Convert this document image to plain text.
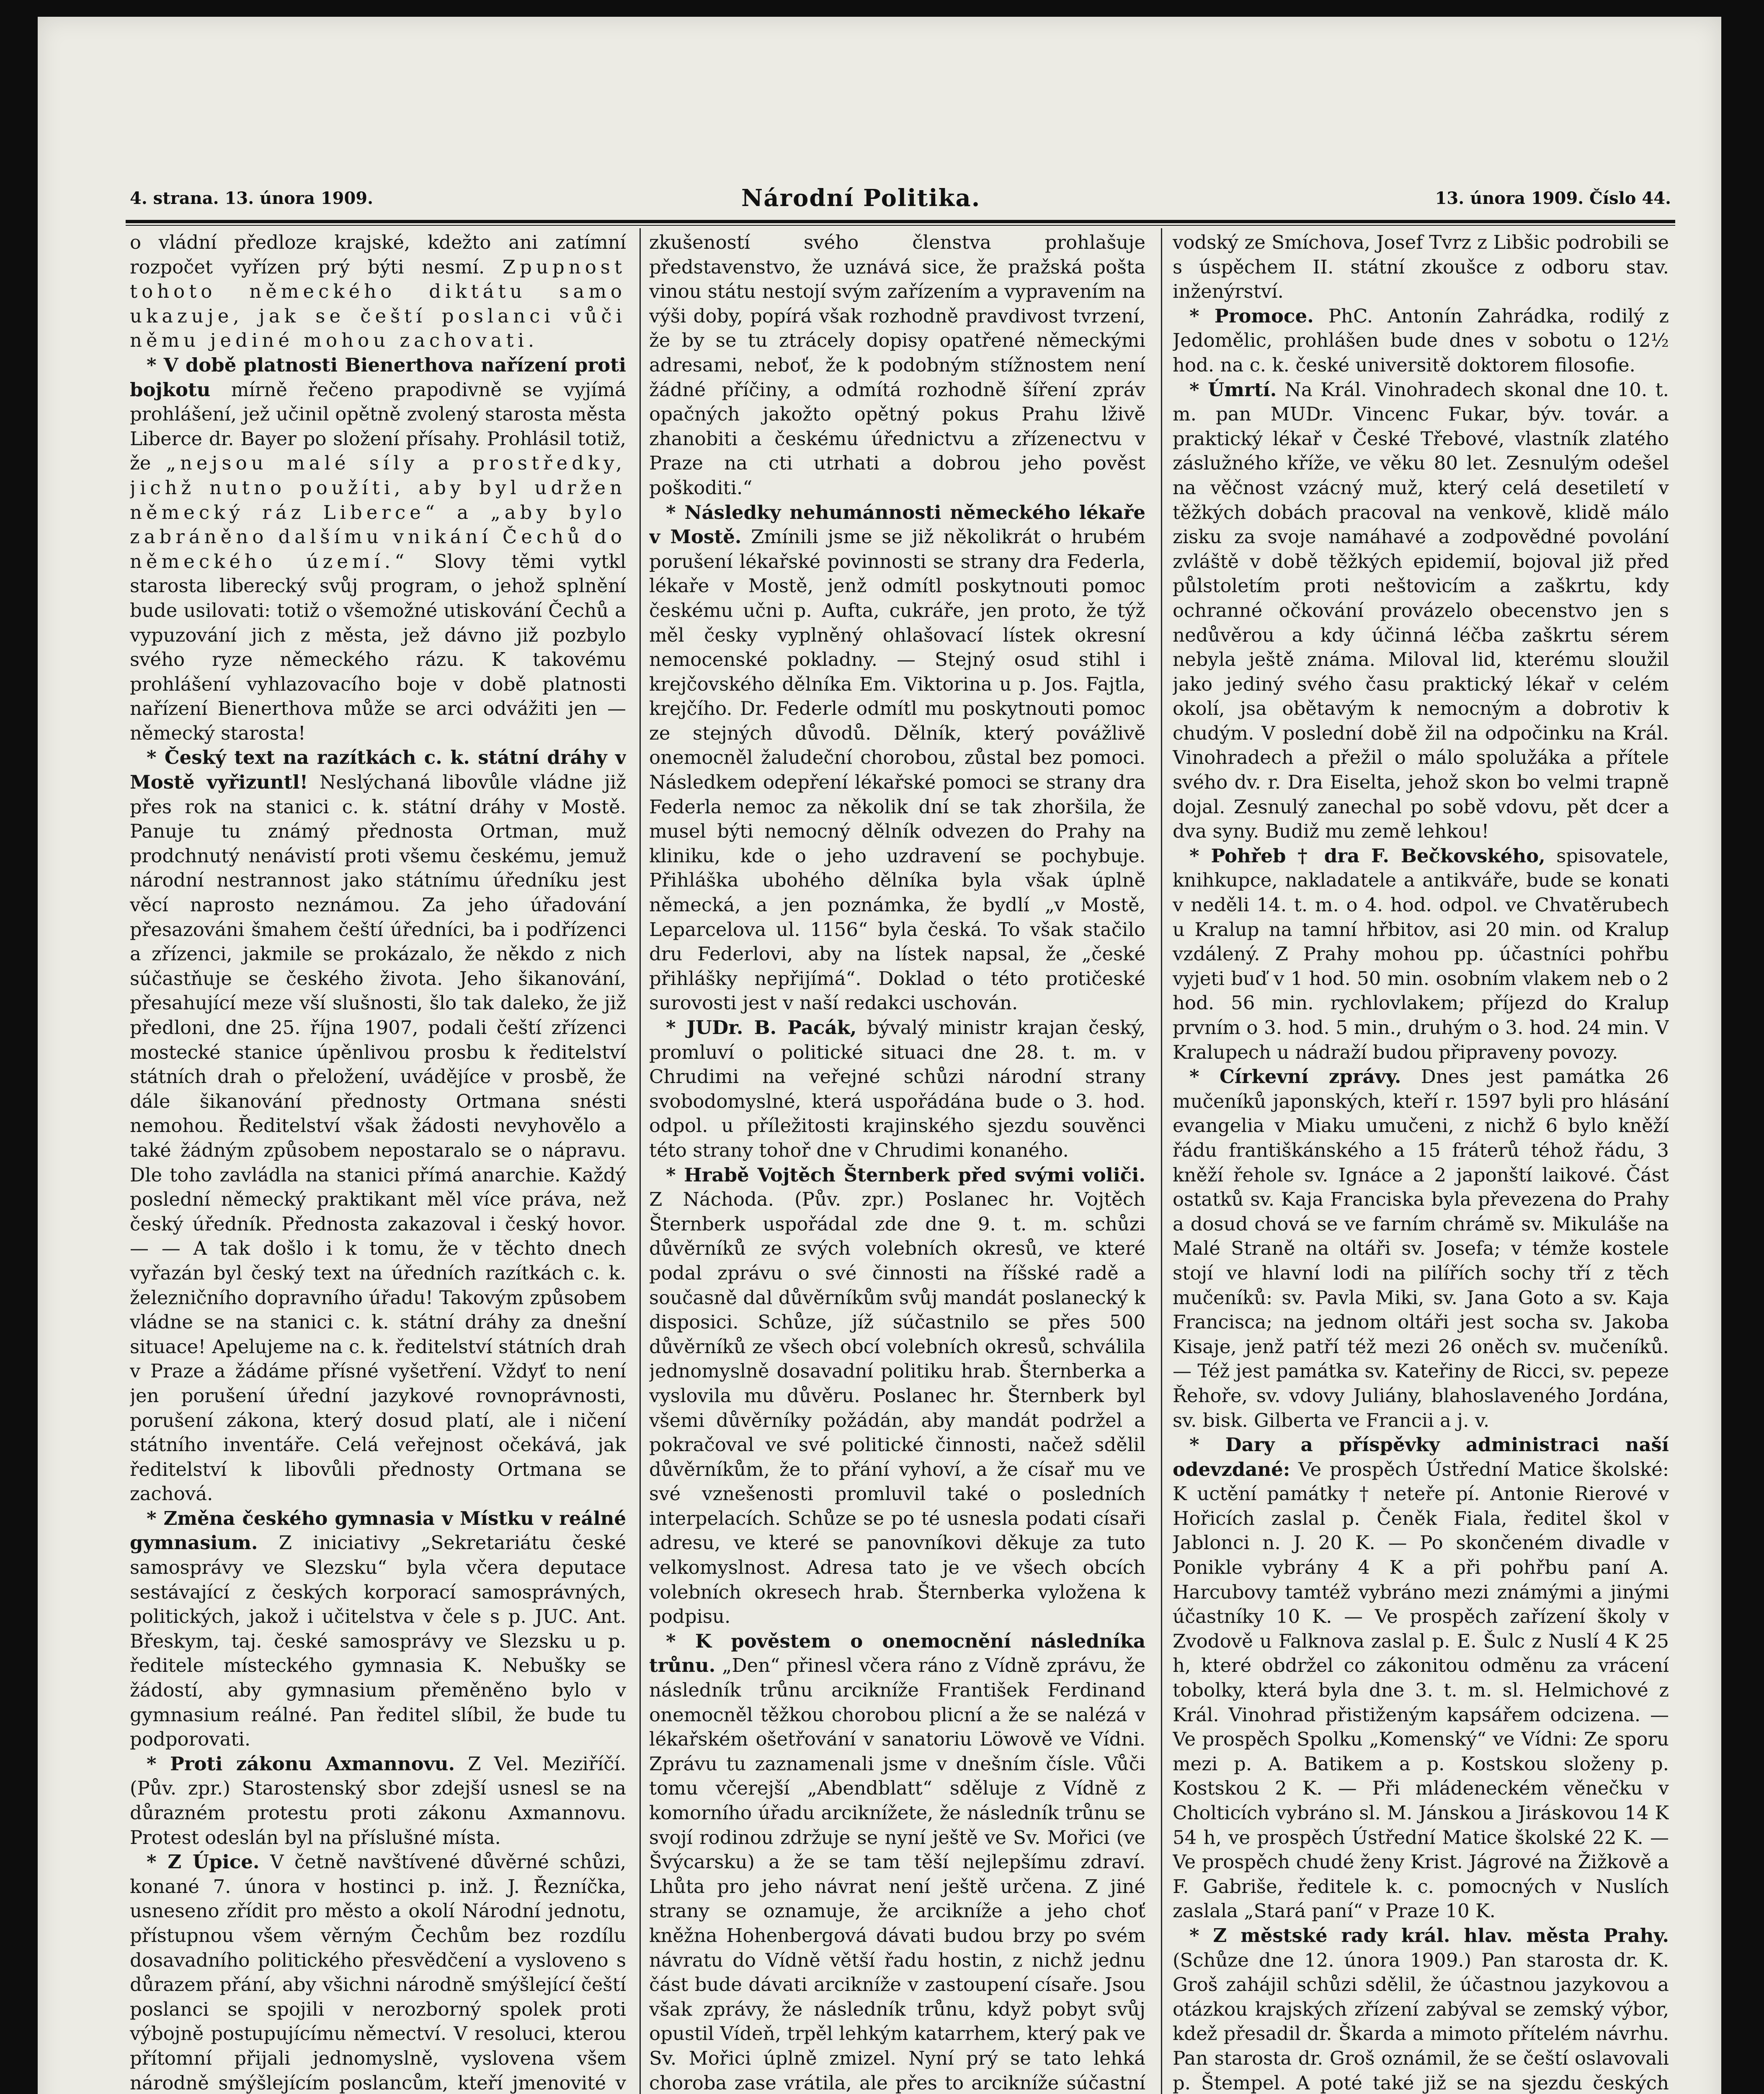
4. strana. 13. února 1909.	Národní Politika.	13. února 1909. Číslo 44.

o vládní předloze krajské, kdežto ani zatímní rozpočet vyřízen prý býti nesmí. Zpupnost tohoto německého diktátu samo ukazuje, jak se čeští poslanci vůči němu jediné mohou zachovati.

* V době platnosti Bienerthova nařízení proti bojkotu mírně řečeno prapodivně se vyjímá prohlášení, jež učinil opětně zvolený starosta města Liberce dr. Bayer po složení přísahy. Prohlásil totiž, že „nejsou malé síly a prostředky, jichž nutno použíti, aby byl udržen německý ráz Liberce“ a „aby bylo zabráněno dalšímu vnikání Čechů do německého území.“ Slovy těmi vytkl starosta liberecký svůj program, o jehož splnění bude usilovati: totiž o všemožné utiskování Čechů a vypuzování jich z města, jež dávno již pozbylo svého ryze německého rázu. K takovému prohlášení vyhlazovacího boje v době platnosti nařízení Bienerthova může se arci odvážiti jen — německý starosta!

* Český text na razítkách c. k. státní dráhy v Mostě vyřizuntl! Neslýchaná libovůle vládne již přes rok na stanici c. k. státní dráhy v Mostě. Panuje tu známý přednosta Ortman, muž prodchnutý nenávistí proti všemu českému, jemuž národní nestrannost jako státnímu úředníku jest věcí naprosto neznámou. Za jeho úřadování přesazováni šmahem čeští úředníci, ba i podřízenci a zřízenci, jakmile se prokázalo, že někdo z nich súčastňuje se českého života. Jeho šikanování, přesahující meze vší slušnosti, šlo tak daleko, že již předloni, dne 25. října 1907, podali čeští zřízenci mostecké stanice úpěnlivou prosbu k ředitelství státních drah o přeložení, uvádějíce v prosbě, že dále šikanování přednosty Ortmana snésti nemohou. Ředitelství však žádosti nevyhovělo a také žádným způsobem nepostaralo se o nápravu. Dle toho zavládla na stanici přímá anarchie. Každý poslední německý praktikant měl více práva, než český úředník. Přednosta zakazoval i český hovor. — — A tak došlo i k tomu, že v těchto dnech vyřazán byl český text na úředních razítkách c. k. železničního dopravního úřadu! Takovým způsobem vládne se na stanici c. k. státní dráhy za dnešní situace! Apelujeme na c. k. ředitelství státních drah v Praze a žádáme přísné vyšetření. Vždyť to není jen porušení úřední jazykové rovnoprávnosti, porušení zákona, který dosud platí, ale i ničení státního inventáře. Celá veřejnost očekává, jak ředitelství k libovůli přednosty Ortmana se zachová.

* Změna českého gymnasia v Místku v reálné gymnasium. Z iniciativy „Sekretariátu české samosprávy ve Slezsku“ byla včera deputace sestávající z českých korporací samosprávných, politických, jakož i učitelstva v čele s p. JUC. Ant. Břeskym, taj. české samosprávy ve Slezsku u p. ředitele místeckého gymnasia K. Nebušky se žádostí, aby gymnasium přeměněno bylo v gymnasium reálné. Pan ředitel slíbil, že bude tu podporovati.

* Proti zákonu Axmannovu. Z Vel. Meziříčí. (Pův. zpr.) Starostenský sbor zdejší usnesl se na důrazném protestu proti zákonu Axmannovu. Protest odeslán byl na příslušné místa.

* Z Úpice. V četně navštívené důvěrné schůzi, konané 7. února v hostinci p. inž. J. Řezníčka, usneseno zřídit pro město a okolí Národní jednotu, přístupnou všem věrným Čechům bez rozdílu dosavadního politického přesvědčení a vysloveno s důrazem přání, aby všichni národně smýšlející čeští poslanci se spojili v nerozborný spolek proti výbojně postupujícímu němectví. V resoluci, kterou přítomní přijali jednomyslně, vyslovena všem národně smýšlejícím poslancům, kteří jmenovité v

zkušeností svého členstva prohlašuje představenstvo, že uznává sice, že pražská pošta vinou státu nestojí svým zařízením a vypravením na výši doby, popírá však rozhodně pravdivost tvrzení, že by se tu ztrácely dopisy opatřené německými adresami, neboť, že k podobným stížnostem není žádné příčiny, a odmítá rozhodně šíření zpráv opačných jakožto opětný pokus Prahu lživě zhanobiti a českému úřednictvu a zřízenectvu v Praze na cti utrhati a dobrou jeho pověst poškoditi.“

* Následky nehumánnosti německého lékaře v Mostě. Zmínili jsme se již několikrát o hrubém porušení lékařské povinnosti se strany dra Federla, lékaře v Mostě, jenž odmítl poskytnouti pomoc českému učni p. Aufta, cukráře, jen proto, že týž měl česky vyplněný ohlašovací lístek okresní nemocenské pokladny. — Stejný osud stihl i krejčovského dělníka Em. Viktorina u p. Jos. Fajtla, krejčího. Dr. Federle odmítl mu poskytnouti pomoc ze stejných důvodů. Dělník, který povážlivě onemocněl žaludeční chorobou, zůstal bez pomoci. Následkem odepření lékařské pomoci se strany dra Federla nemoc za několik dní se tak zhoršila, že musel býti nemocný dělník odvezen do Prahy na kliniku, kde o jeho uzdravení se pochybuje. Přihláška ubohého dělníka byla však úplně německá, a jen poznámka, že bydlí „v Mostě, Leparcelova ul. 1156“ byla česká. To však stačilo dru Federlovi, aby na lístek napsal, že „české přihlášky nepřijímá“. Doklad o této protičeské surovosti jest v naší redakci uschován.

* JUDr. B. Pacák, bývalý ministr krajan český, promluví o politické situaci dne 28. t. m. v Chrudimi na veřejné schůzi národní strany svobodomyslné, která uspořádána bude o 3. hod. odpol. u příležitosti krajinského sjezdu souvěnci této strany tohoř dne v Chrudimi konaného.

* Hrabě Vojtěch Šternberk před svými voliči. Z Náchoda. (Pův. zpr.) Poslanec hr. Vojtěch Šternberk uspořádal zde dne 9. t. m. schůzi důvěrníků ze svých volebních okresů, ve které podal zprávu o své činnosti na říšské radě a současně dal důvěrníkům svůj mandát poslanecký k disposici. Schůze, jíž súčastnilo se přes 500 důvěrníků ze všech obcí volebních okresů, schválila jednomyslně dosavadní politiku hrab. Šternberka a vyslovila mu důvěru. Poslanec hr. Šternberk byl všemi důvěrníky požádán, aby mandát podržel a pokračoval ve své politické činnosti, načež sdělil důvěrníkům, že to přání vyhoví, a že císař mu ve své vznešenosti promluvil také o posledních interpelacích. Schůze se po té usnesla podati císaři adresu, ve které se panovníkovi děkuje za tuto velkomyslnost. Adresa tato je ve všech obcích volebních okresech hrab. Šternberka vyložena k podpisu.

* K pověstem o onemocnění následníka trůnu. „Den“ přinesl včera ráno z Vídně zprávu, že následník trůnu arcikníže František Ferdinand onemocněl těžkou chorobou plicní a že se nalézá v lékařském ošetřování v sanatoriu Löwově ve Vídni. Zprávu tu zaznamenali jsme v dnešním čísle. Vůči tomu včerejší „Abendblatt“ sděluje z Vídně z komorního úřadu arciknížete, že následník trůnu se svojí rodinou zdržuje se nyní ještě ve Sv. Mořici (ve Švýcarsku) a že se tam těší nejlepšímu zdraví. Lhůta pro jeho návrat není ještě určena. Z jiné strany se oznamuje, že arcikníže a jeho choť kněžna Hohenbergová dávati budou brzy po svém návratu do Vídně větší řadu hostin, z nichž jednu část bude dávati arcikníže v zastoupení císaře. Jsou však zprávy, že následník trůnu, když pobyt svůj opustil Vídeň, trpěl lehkým katarrhem, který pak ve Sv. Mořici úplně zmizel. Nyní prý se tato lehká choroba zase vrátila, ale přes to arcikníže súčastní

vodský ze Smíchova, Josef Tvrz z Libšic podrobili se s úspěchem II. státní zkoušce z odboru stav. inženýrství.

* Promoce. PhC. Antonín Zahrádka, rodilý z Jedomělic, prohlášen bude dnes v sobotu o 12½ hod. na c. k. české universitě doktorem filosofie.

* Úmrtí. Na Král. Vinohradech skonal dne 10. t. m. pan MUDr. Vincenc Fukar, býv. továr. a praktický lékař v České Třebové, vlastník zlatého záslužného kříže, ve věku 80 let. Zesnulým odešel na věčnost vzácný muž, který celá desetiletí v těžkých dobách pracoval na venkově, klidě málo zisku za svoje namáhavé a zodpovědné povolání zvláště v době těžkých epidemií, bojoval již před půlstoletím proti neštovicím a zaškrtu, kdy ochranné očkování provázelo obecenstvo jen s nedůvěrou a kdy účinná léčba zaškrtu sérem nebyla ještě známa. Miloval lid, kterému sloužil jako jediný svého času praktický lékař v celém okolí, jsa obětavým k nemocným a dobrotiv k chudým. V poslední době žil na odpočinku na Král. Vinohradech a přežil o málo spolužáka a přítele svého dv. r. Dra Eiselta, jehož skon bo velmi trapně dojal. Zesnulý zanechal po sobě vdovu, pět dcer a dva syny. Budiž mu země lehkou!

* Pohřeb † dra F. Bečkovského, spisovatele, knihkupce, nakladatele a antikváře, bude se konati v neděli 14. t. m. o 4. hod. odpol. ve Chvatěrubech u Kralup na tamní hřbitov, asi 20 min. od Kralup vzdálený. Z Prahy mohou pp. účastníci pohřbu vyjeti buď v 1 hod. 50 min. osobním vlakem neb o 2 hod. 56 min. rychlovlakem; příjezd do Kralup prvním o 3. hod. 5 min., druhým o 3. hod. 24 min. V Kralupech u nádraží budou připraveny povozy.

* Církevní zprávy. Dnes jest památka 26 mučeníků japonských, kteří r. 1597 byli pro hlásání evangelia v Miaku umučeni, z nichž 6 bylo kněží řádu františkánského a 15 fráterů téhož řádu, 3 kněží řehole sv. Ignáce a 2 japonští laikové. Část ostatků sv. Kaja Franciska byla převezena do Prahy a dosud chová se ve farním chrámě sv. Mikuláše na Malé Straně na oltáři sv. Josefa; v témže kostele stojí ve hlavní lodi na pilířích sochy tří z těch mučeníků: sv. Pavla Miki, sv. Jana Goto a sv. Kaja Francisca; na jednom oltáři jest socha sv. Jakoba Kisaje, jenž patří též mezi 26 oněch sv. mučeníků. — Též jest památka sv. Kateřiny de Ricci, sv. pepeze Řehoře, sv. vdovy Juliány, blahoslaveného Jordána, sv. bisk. Gilberta ve Francii a j. v.

* Dary a příspěvky administraci naší odevzdané: Ve prospěch Ústřední Matice školské: K uctění památky † neteře pí. Antonie Rierové v Hořicích zaslal p. Čeněk Fiala, ředitel škol v Jablonci n. J. 20 K. — Po skončeném divadle v Ponikle vybrány 4 K a při pohřbu paní A. Harcubovy tamtéž vybráno mezi známými a jinými účastníky 10 K. — Ve prospěch zařízení školy v Zvodově u Falknova zaslal p. E. Šulc z Nuslí 4 K 25 h, které obdržel co zákonitou odměnu za vrácení tobolky, která byla dne 3. t. m. sl. Helmichové z Král. Vinohrad přistiženým kapsářem odcizena. — Ve prospěch Spolku „Komenský“ ve Vídni: Ze sporu mezi p. A. Batikem a p. Kostskou složeny p. Kostskou 2 K. — Při mládeneckém věnečku v Cholticích vybráno sl. M. Jánskou a Jiráskovou 14 K 54 h, ve prospěch Ústřední Matice školské 22 K. — Ve prospěch chudé ženy Krist. Jágrové na Žižkově a F. Gabriše, ředitele k. c. pomocných v Nuslích zaslala „Stará paní“ v Praze 10 K.

* Z městské rady král. hlav. města Prahy. (Schůze dne 12. února 1909.) Pan starosta dr. K. Groš zahájil schůzi sdělil, že účastnou jazykovou a otázkou krajských zřízení zabýval se zemský výbor, kdež přesadil dr. Škarda a mimoto přítelém návrhu. Pan starosta dr. Groš oznámil, že se čeští oslavovali p. Štempel. A poté také již se na sjezdu českých
